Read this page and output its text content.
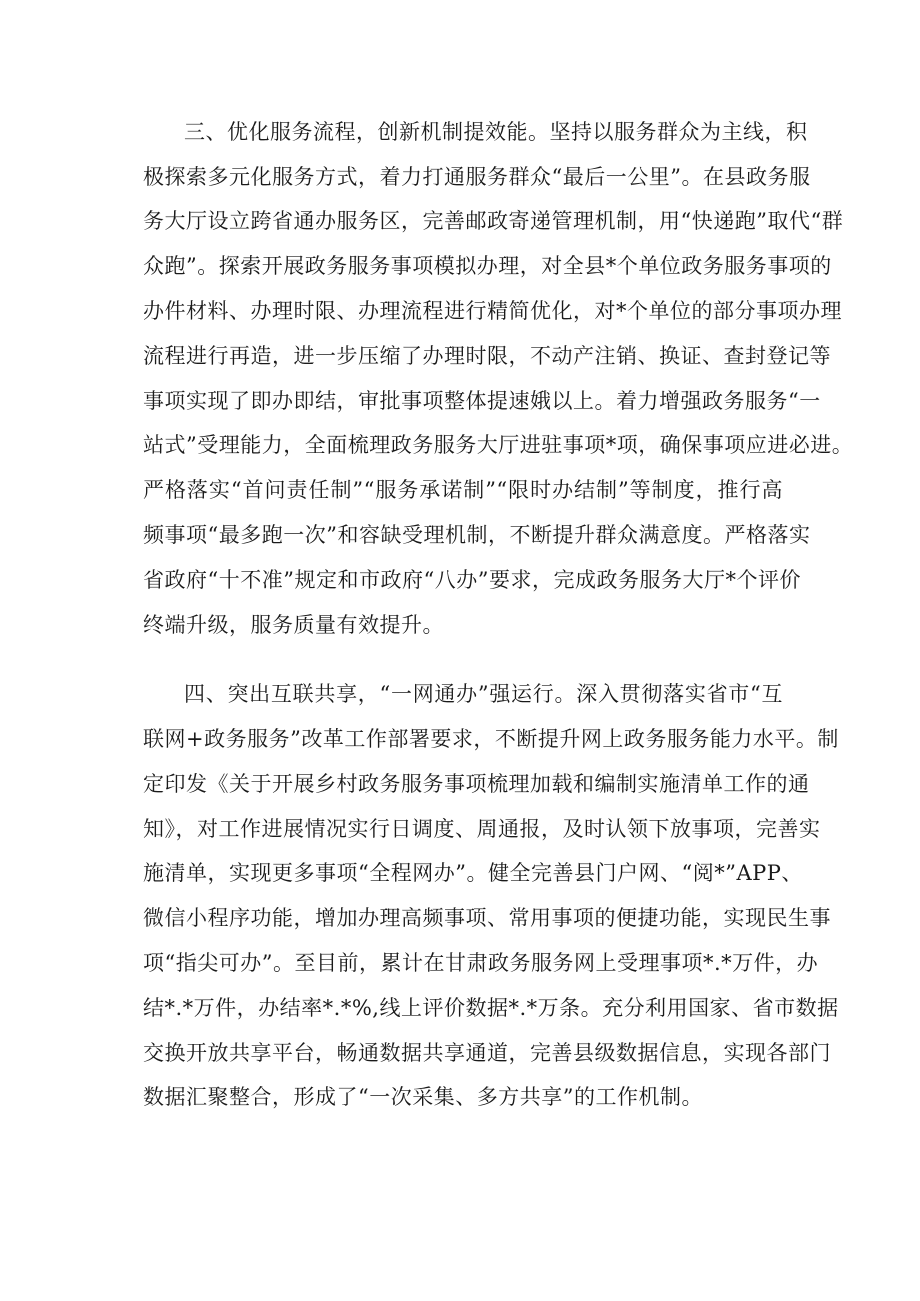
三、优化服务流程，创新机制提效能。坚持以服务群众为主线，积
极探索多元化服务方式，着力打通服务群众“最后一公里”。在县政务服
务大厅设立跨省通办服务区，完善邮政寄递管理机制，用“快递跑”取代“群
众跑”。探索开展政务服务事项模拟办理，对全县*个单位政务服务事项的
办件材料、办理时限、办理流程进行精简优化，对*个单位的部分事项办理
流程进行再造，进一步压缩了办理时限，不动产注销、换证、查封登记等
事项实现了即办即结，审批事项整体提速娥以上。着力增强政务服务“一
站式”受理能力，全面梳理政务服务大厅进驻事项*项，确保事项应进必进。
严格落实“首问责任制”“服务承诺制”“限时办结制”等制度，推行高
频事项“最多跑一次”和容缺受理机制，不断提升群众满意度。严格落实
省政府“十不准”规定和市政府“八办”要求，完成政务服务大厅*个评价
终端升级，服务质量有效提升。
四、突出互联共享，“一网通办”强运行。深入贯彻落实省市“互
联网+政务服务”改革工作部署要求，不断提升网上政务服务能力水平。制
定印发《关于开展乡村政务服务事项梳理加载和编制实施清单工作的通
知》，对工作进展情况实行日调度、周通报，及时认领下放事项，完善实
施清单，实现更多事项“全程网办”。健全完善县门户网、“阅*”APP、
微信小程序功能，增加办理高频事项、常用事项的便捷功能，实现民生事
项“指尖可办”。至目前，累计在甘肃政务服务网上受理事项*.*万件，办
结*.*万件，办结率*.*%,线上评价数据*.*万条。充分利用国家、省市数据
交换开放共享平台，畅通数据共享通道，完善县级数据信息，实现各部门
数据汇聚整合，形成了“一次采集、多方共享”的工作机制。
